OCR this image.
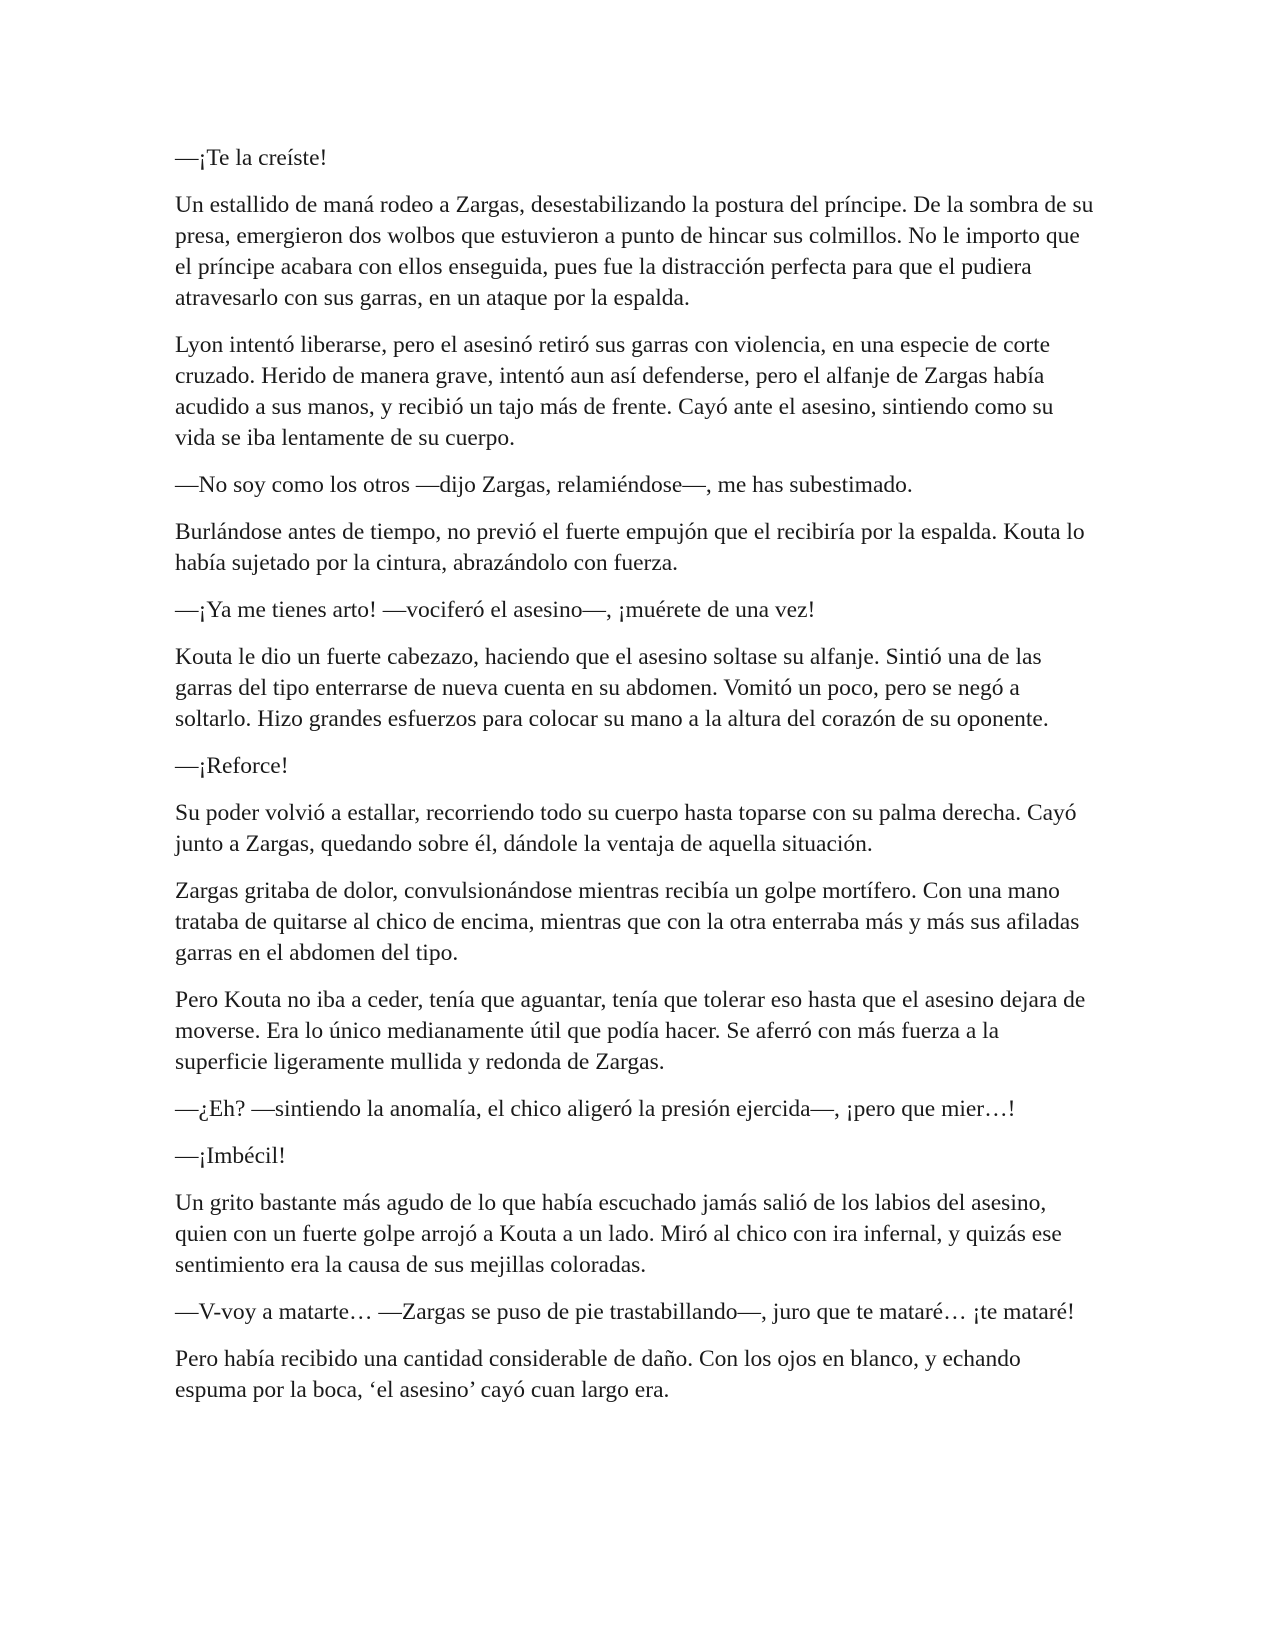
—¡Te la creíste!

Un estallido de maná rodeo a Zargas, desestabilizando la postura del príncipe. De la sombra de su presa, emergieron dos wolbos que estuvieron a punto de hincar sus colmillos. No le importo que el príncipe acabara con ellos enseguida, pues fue la distracción perfecta para que el pudiera atravesarlo con sus garras, en un ataque por la espalda.

Lyon intentó liberarse, pero el asesinó retiró sus garras con violencia, en una especie de corte cruzado. Herido de manera grave, intentó aun así defenderse, pero el alfanje de Zargas había acudido a sus manos, y recibió un tajo más de frente. Cayó ante el asesino, sintiendo como su vida se iba lentamente de su cuerpo.

—No soy como los otros —dijo Zargas, relamiéndose—, me has subestimado.

Burlándose antes de tiempo, no previó el fuerte empujón que el recibiría por la espalda. Kouta lo había sujetado por la cintura, abrazándolo con fuerza.

—¡Ya me tienes arto! —vociferó el asesino—, ¡muérete de una vez!

Kouta le dio un fuerte cabezazo, haciendo que el asesino soltase su alfanje. Sintió una de las garras del tipo enterrarse de nueva cuenta en su abdomen. Vomitó un poco, pero se negó a soltarlo. Hizo grandes esfuerzos para colocar su mano a la altura del corazón de su oponente.

—¡Reforce!

Su poder volvió a estallar, recorriendo todo su cuerpo hasta toparse con su palma derecha. Cayó junto a Zargas, quedando sobre él, dándole la ventaja de aquella situación.

Zargas gritaba de dolor, convulsionándose mientras recibía un golpe mortífero. Con una mano trataba de quitarse al chico de encima, mientras que con la otra enterraba más y más sus afiladas garras en el abdomen del tipo.

Pero Kouta no iba a ceder, tenía que aguantar, tenía que tolerar eso hasta que el asesino dejara de moverse. Era lo único medianamente útil que podía hacer. Se aferró con más fuerza a la superficie ligeramente mullida y redonda de Zargas.

—¿Eh? —sintiendo la anomalía, el chico aligeró la presión ejercida—, ¡pero que mier…!

—¡Imbécil!

Un grito bastante más agudo de lo que había escuchado jamás salió de los labios del asesino, quien con un fuerte golpe arrojó a Kouta a un lado. Miró al chico con ira infernal, y quizás ese sentimiento era la causa de sus mejillas coloradas.

—V-voy a matarte… —Zargas se puso de pie trastabillando—, juro que te mataré… ¡te mataré!

Pero había recibido una cantidad considerable de daño. Con los ojos en blanco, y echando espuma por la boca, ‘el asesino’ cayó cuan largo era.
